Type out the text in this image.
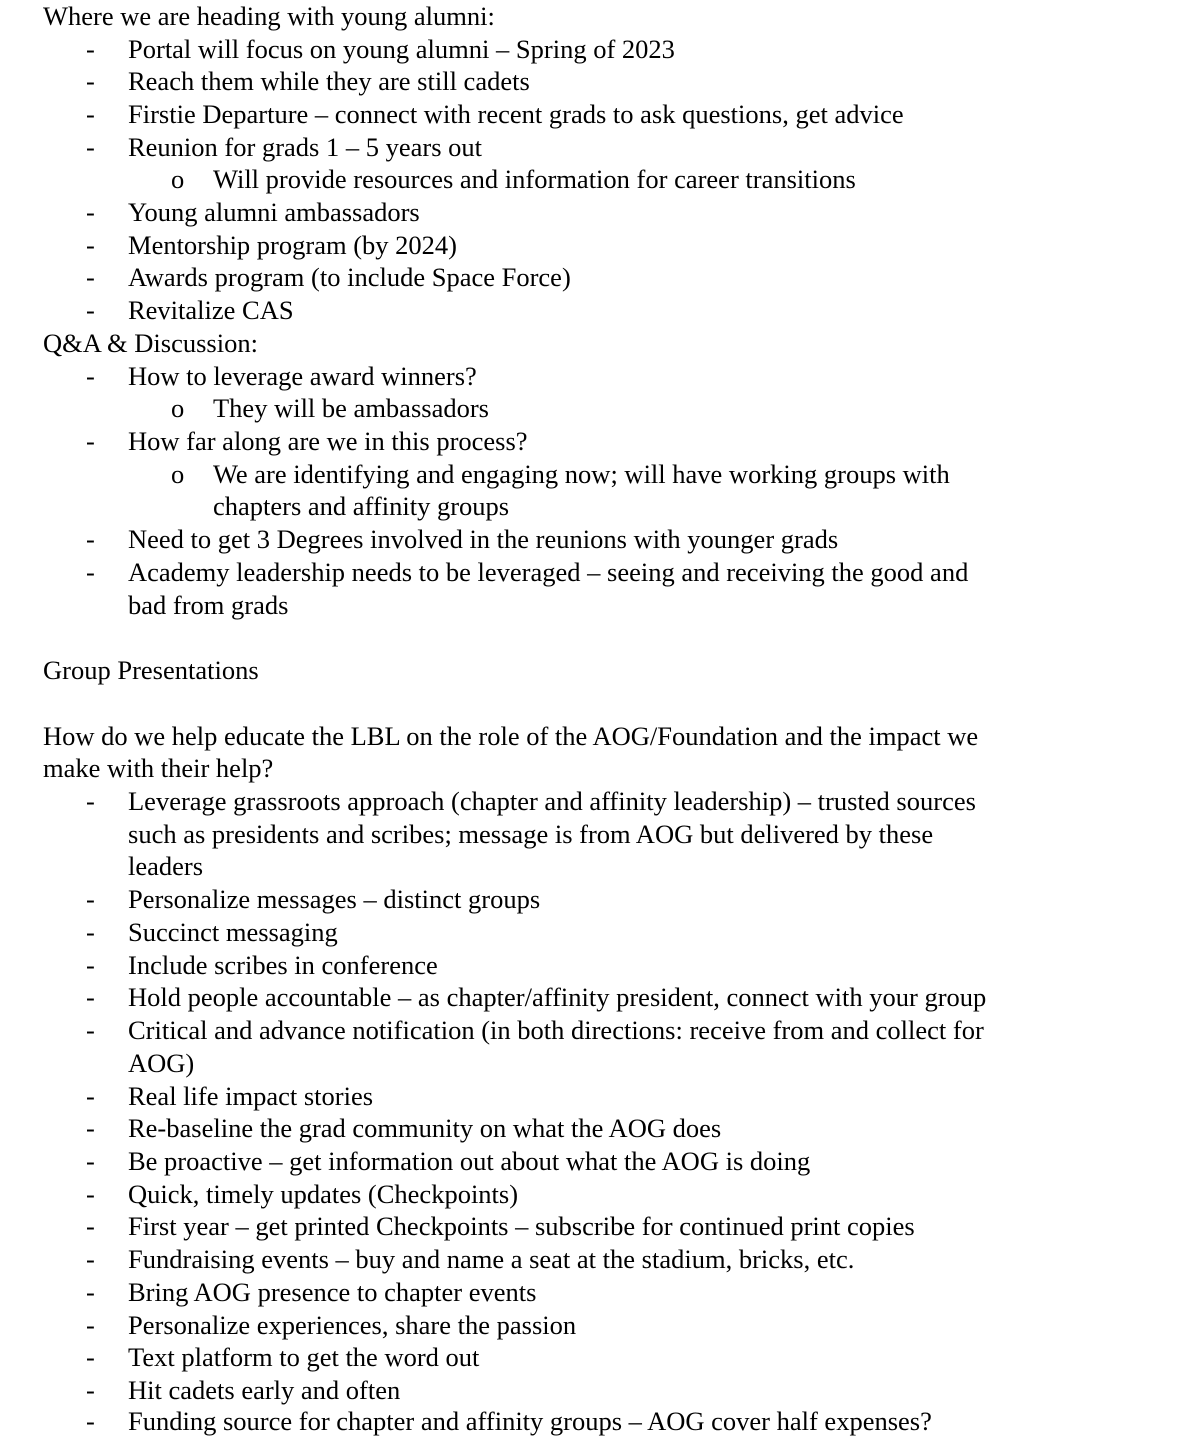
Where we are heading with young alumni:
- Portal will focus on young alumni – Spring of 2023
- Reach them while they are still cadets
- Firstie Departure – connect with recent grads to ask questions, get advice
- Reunion for grads 1 – 5 years out
o Will provide resources and information for career transitions
- Young alumni ambassadors
- Mentorship program (by 2024)
- Awards program (to include Space Force)
- Revitalize CAS
Q&A & Discussion:
- How to leverage award winners?
o They will be ambassadors
- How far along are we in this process?
o We are identifying and engaging now; will have working groups with
chapters and affinity groups
- Need to get 3 Degrees involved in the reunions with younger grads
- Academy leadership needs to be leveraged – seeing and receiving the good and
bad from grads
Group Presentations
How do we help educate the LBL on the role of the AOG/Foundation and the impact we
make with their help?
- Leverage grassroots approach (chapter and affinity leadership) – trusted sources
such as presidents and scribes; message is from AOG but delivered by these
leaders
- Personalize messages – distinct groups
- Succinct messaging
- Include scribes in conference
- Hold people accountable – as chapter/affinity president, connect with your group
- Critical and advance notification (in both directions: receive from and collect for
AOG)
- Real life impact stories
- Re-baseline the grad community on what the AOG does
- Be proactive – get information out about what the AOG is doing
- Quick, timely updates (Checkpoints)
- First year – get printed Checkpoints – subscribe for continued print copies
- Fundraising events – buy and name a seat at the stadium, bricks, etc.
- Bring AOG presence to chapter events
- Personalize experiences, share the passion
- Text platform to get the word out
- Hit cadets early and often
- Funding source for chapter and affinity groups – AOG cover half expenses?
